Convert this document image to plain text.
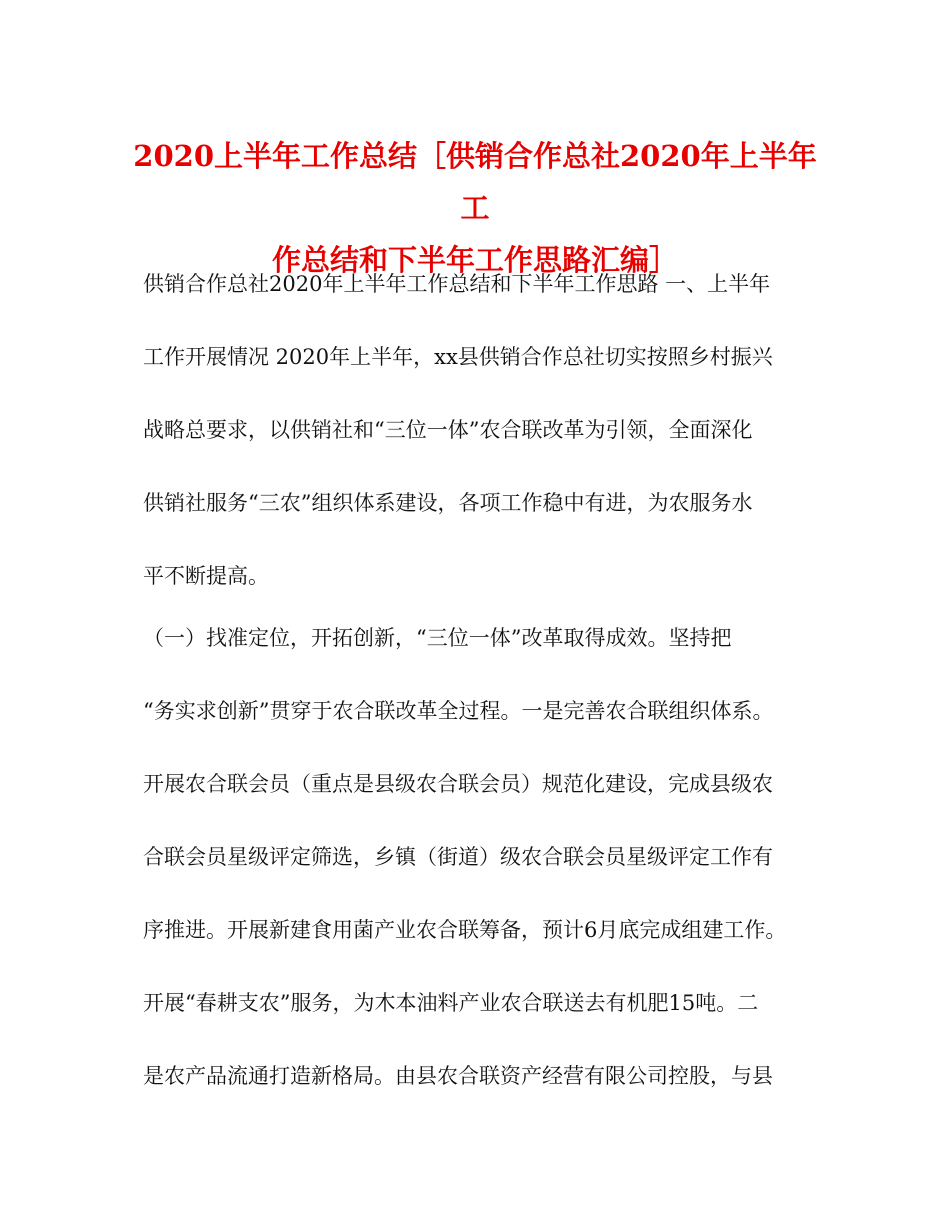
2020上半年工作总结［供销合作总社2020年上半年工
作总结和下半年工作思路汇编］

供销合作总社2020年上半年工作总结和下半年工作思路 一、上半年

工作开展情况 2020年上半年，xx县供销合作总社切实按照乡村振兴

战略总要求，以供销社和“三位一体”农合联改革为引领，全面深化

供销社服务“三农”组织体系建设，各项工作稳中有进，为农服务水

平不断提高。

（一）找准定位，开拓创新，“三位一体”改革取得成效。坚持把

“务实求创新”贯穿于农合联改革全过程。一是完善农合联组织体系。

开展农合联会员（重点是县级农合联会员）规范化建设，完成县级农

合联会员星级评定筛选，乡镇（街道）级农合联会员星级评定工作有

序推进。开展新建食用菌产业农合联筹备，预计6月底完成组建工作。

开展“春耕支农”服务，为木本油料产业农合联送去有机肥15吨。二

是农产品流通打造新格局。由县农合联资产经营有限公司控股，与县
